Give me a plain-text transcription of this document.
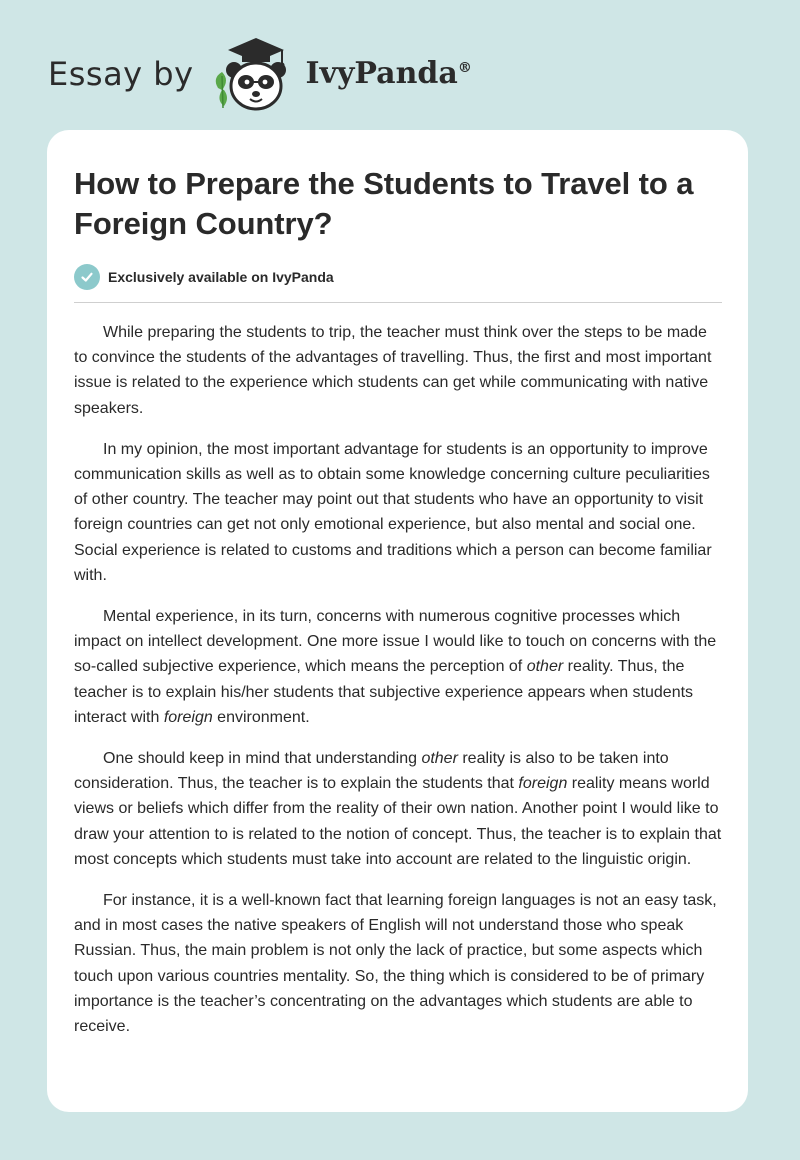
Essay by	IvyPanda®
How to Prepare the Students to Travel to a Foreign Country?
Exclusively available on IvyPanda

While preparing the students to trip, the teacher must think over the steps to be made to convince the students of the advantages of travelling. Thus, the first and most important issue is related to the experience which students can get while communicating with native speakers.

In my opinion, the most important advantage for students is an opportunity to improve communication skills as well as to obtain some knowledge concerning culture peculiarities of other country. The teacher may point out that students who have an opportunity to visit foreign countries can get not only emotional experience, but also mental and social one. Social experience is related to customs and traditions which a person can become familiar with.

Mental experience, in its turn, concerns with numerous cognitive processes which impact on intellect development. One more issue I would like to touch on concerns with the so-called subjective experience, which means the perception of other reality. Thus, the teacher is to explain his/her students that subjective experience appears when students interact with foreign environment.

One should keep in mind that understanding other reality is also to be taken into consideration. Thus, the teacher is to explain the students that foreign reality means world views or beliefs which differ from the reality of their own nation. Another point I would like to draw your attention to is related to the notion of concept. Thus, the teacher is to explain that most concepts which students must take into account are related to the linguistic origin.

For instance, it is a well-known fact that learning foreign languages is not an easy task, and in most cases the native speakers of English will not understand those who speak Russian. Thus, the main problem is not only the lack of practice, but some aspects which touch upon various countries mentality. So, the thing which is considered to be of primary importance is the teacher’s concentrating on the advantages which students are able to receive.
